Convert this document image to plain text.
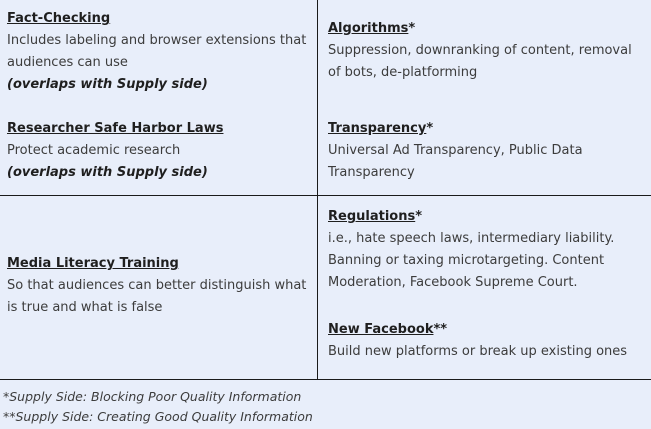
Fact-Checking
Includes labeling and browser extensions that audiences can use
(overlaps with Supply side)
Researcher Safe Harbor Laws
Protect academic research
(overlaps with Supply side)
Algorithms*
Suppression, downranking of content, removal of bots, de-platforming
Transparency*
Universal Ad Transparency, Public Data Transparency
Media Literacy Training
So that audiences can better distinguish what is true and what is false
Regulations*
i.e., hate speech laws, intermediary liability. Banning or taxing microtargeting. Content Moderation, Facebook Supreme Court.
New Facebook**
Build new platforms or break up existing ones
*Supply Side: Blocking Poor Quality Information
**Supply Side: Creating Good Quality Information
